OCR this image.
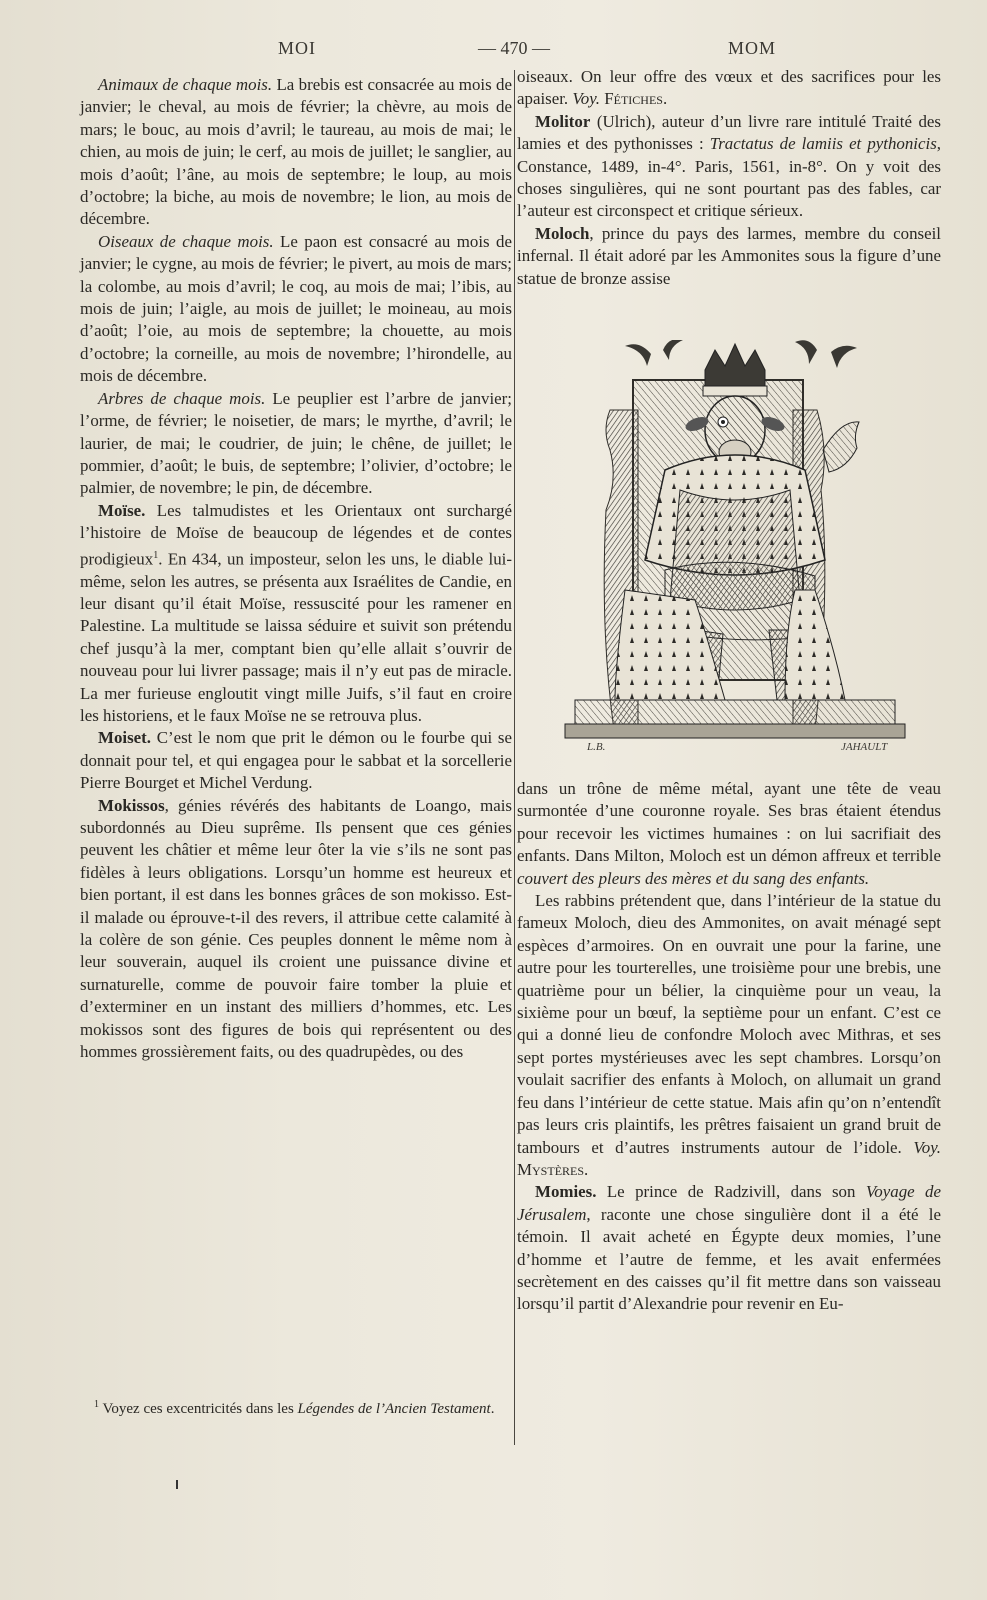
MOI	— 470 —	MOM

Animaux de chaque mois. La brebis est consacrée au mois de janvier; le cheval, au mois de février; la chèvre, au mois de mars; le bouc, au mois d’avril; le taureau, au mois de mai; le chien, au mois de juin; le cerf, au mois de juillet; le sanglier, au mois d’août; l’âne, au mois de septembre; le loup, au mois d’octobre; la biche, au mois de novembre; le lion, au mois de décembre.

Oiseaux de chaque mois. Le paon est consacré au mois de janvier; le cygne, au mois de février; le pivert, au mois de mars; la colombe, au mois d’avril; le coq, au mois de mai; l’ibis, au mois de juin; l’aigle, au mois de juillet; le moineau, au mois d’août; l’oie, au mois de septembre; la chouette, au mois d’octobre; la corneille, au mois de novembre; l’hirondelle, au mois de décembre.

Arbres de chaque mois. Le peuplier est l’arbre de janvier; l’orme, de février; le noisetier, de mars; le myrthe, d’avril; le laurier, de mai; le coudrier, de juin; le chêne, de juillet; le pommier, d’août; le buis, de septembre; l’olivier, d’octobre; le palmier, de novembre; le pin, de décembre.

Moïse. Les talmudistes et les Orientaux ont surchargé l’histoire de Moïse de beaucoup de légendes et de contes prodigieux$^1$. En 434, un imposteur, selon les uns, le diable lui-même, selon les autres, se présenta aux Israélites de Candie, en leur disant qu’il était Moïse, ressuscité pour les ramener en Palestine. La multitude se laissa séduire et suivit son prétendu chef jusqu’à la mer, comptant bien qu’elle allait s’ouvrir de nouveau pour lui livrer passage; mais il n’y eut pas de miracle. La mer furieuse engloutit vingt mille Juifs, s’il faut en croire les historiens, et le faux Moïse ne se retrouva plus.

Moiset. C’est le nom que prit le démon ou le fourbe qui se donnait pour tel, et qui engagea pour le sabbat et la sorcellerie Pierre Bourget et Michel Verdung.

Mokissos, génies révérés des habitants de Loango, mais subordonnés au Dieu suprême. Ils pensent que ces génies peuvent les châtier et même leur ôter la vie s’ils ne sont pas fidèles à leurs obligations. Lorsqu’un homme est heureux et bien portant, il est dans les bonnes grâces de son mokisso. Est-il malade ou éprouve-t-il des revers, il attribue cette calamité à la colère de son génie. Ces peuples donnent le même nom à leur souverain, auquel ils croient une puissance divine et surnaturelle, comme de pouvoir faire tomber la pluie et d’exterminer en un instant des milliers d’hommes, etc. Les mokissos sont des figures de bois qui représentent ou des hommes grossièrement faits, ou des quadrupèdes, ou des

$^1$ Voyez ces excentricités dans les Légendes de l’Ancien Testament.

oiseaux. On leur offre des vœux et des sacrifices pour les apaiser. Voy. Fétiches.

Molitor (Ulrich), auteur d’un livre rare intitulé Traité des lamies et des pythonisses : Tractatus de lamiis et pythonicis, Constance, 1489, in-4°. Paris, 1561, in-8°. On y voit des choses singulières, qui ne sont pourtant pas des fables, car l’auteur est circonspect et critique sérieux.

Moloch, prince du pays des larmes, membre du conseil infernal. Il était adoré par les Ammonites sous la figure d’une statue de bronze assise

dans un trône de même métal, ayant une tête de veau surmontée d’une couronne royale. Ses bras étaient étendus pour recevoir les victimes humaines : on lui sacrifiait des enfants. Dans Milton, Moloch est un démon affreux et terrible couvert des pleurs des mères et du sang des enfants.

Les rabbins prétendent que, dans l’intérieur de la statue du fameux Moloch, dieu des Ammonites, on avait ménagé sept espèces d’armoires. On en ouvrait une pour la farine, une autre pour les tourterelles, une troisième pour une brebis, une quatrième pour un bélier, la cinquième pour un veau, la sixième pour un bœuf, la septième pour un enfant. C’est ce qui a donné lieu de confondre Moloch avec Mithras, et ses sept portes mystérieuses avec les sept chambres. Lorsqu’on voulait sacrifier des enfants à Moloch, on allumait un grand feu dans l’intérieur de cette statue. Mais afin qu’on n’entendît pas leurs cris plaintifs, les prêtres faisaient un grand bruit de tambours et d’autres instruments autour de l’idole. Voy. Mystères.

Momies. Le prince de Radzivill, dans son Voyage de Jérusalem, raconte une chose singulière dont il a été le témoin. Il avait acheté en Égypte deux momies, l’une d’homme et l’autre de femme, et les avait enfermées secrètement en des caisses qu’il fit mettre dans son vaisseau lorsqu’il partit d’Alexandrie pour revenir en Eu-

L.B.	JAHAULT
